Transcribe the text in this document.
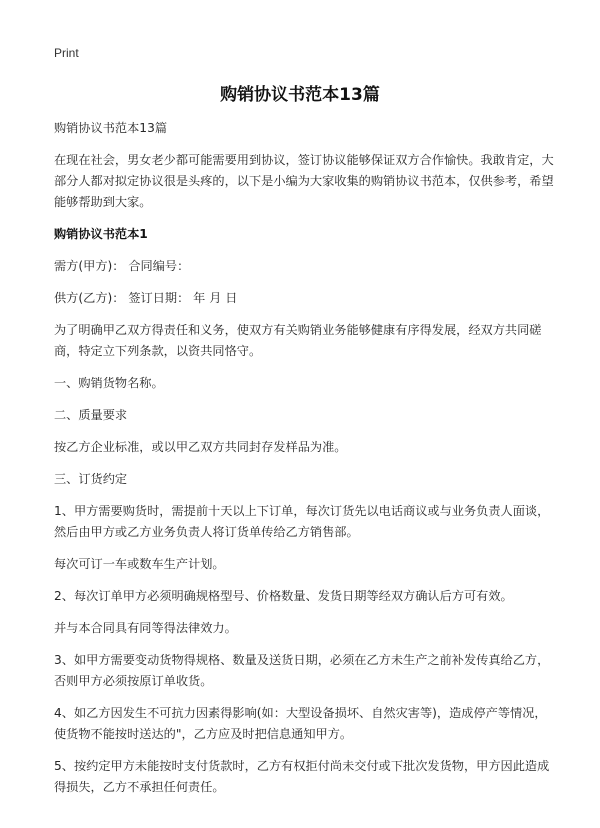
Print
购销协议书范本13篇

购销协议书范本13篇

在现在社会，男女老少都可能需要用到协议，签订协议能够保证双方合作愉快。我敢肯定，大部分人都对拟定协议很是头疼的，以下是小编为大家收集的购销协议书范本，仅供参考，希望能够帮助到大家。

购销协议书范本1

需方(甲方)： 合同编号：

供方(乙方)： 签订日期： 年 月 日

为了明确甲乙双方得责任和义务，使双方有关购销业务能够健康有序得发展，经双方共同磋商，特定立下列条款，以资共同恪守。

一、购销货物名称。

二、质量要求

按乙方企业标准，或以甲乙双方共同封存发样品为准。

三、订货约定

1、甲方需要购货时，需提前十天以上下订单，每次订货先以电话商议或与业务负责人面谈，然后由甲方或乙方业务负责人将订货单传给乙方销售部。

每次可订一车或数车生产计划。

2、每次订单甲方必须明确规格型号、价格数量、发货日期等经双方确认后方可有效。

并与本合同具有同等得法律效力。

3、如甲方需要变动货物得规格、数量及送货日期，必须在乙方未生产之前补发传真给乙方，否则甲方必须按原订单收货。

4、如乙方因发生不可抗力因素得影响(如：大型设备损坏、自然灾害等)，造成停产等情况，使货物不能按时送达的"，乙方应及时把信息通知甲方。

5、按约定甲方未能按时支付货款时，乙方有权拒付尚未交付或下批次发货物，甲方因此造成得损失，乙方不承担任何责任。
